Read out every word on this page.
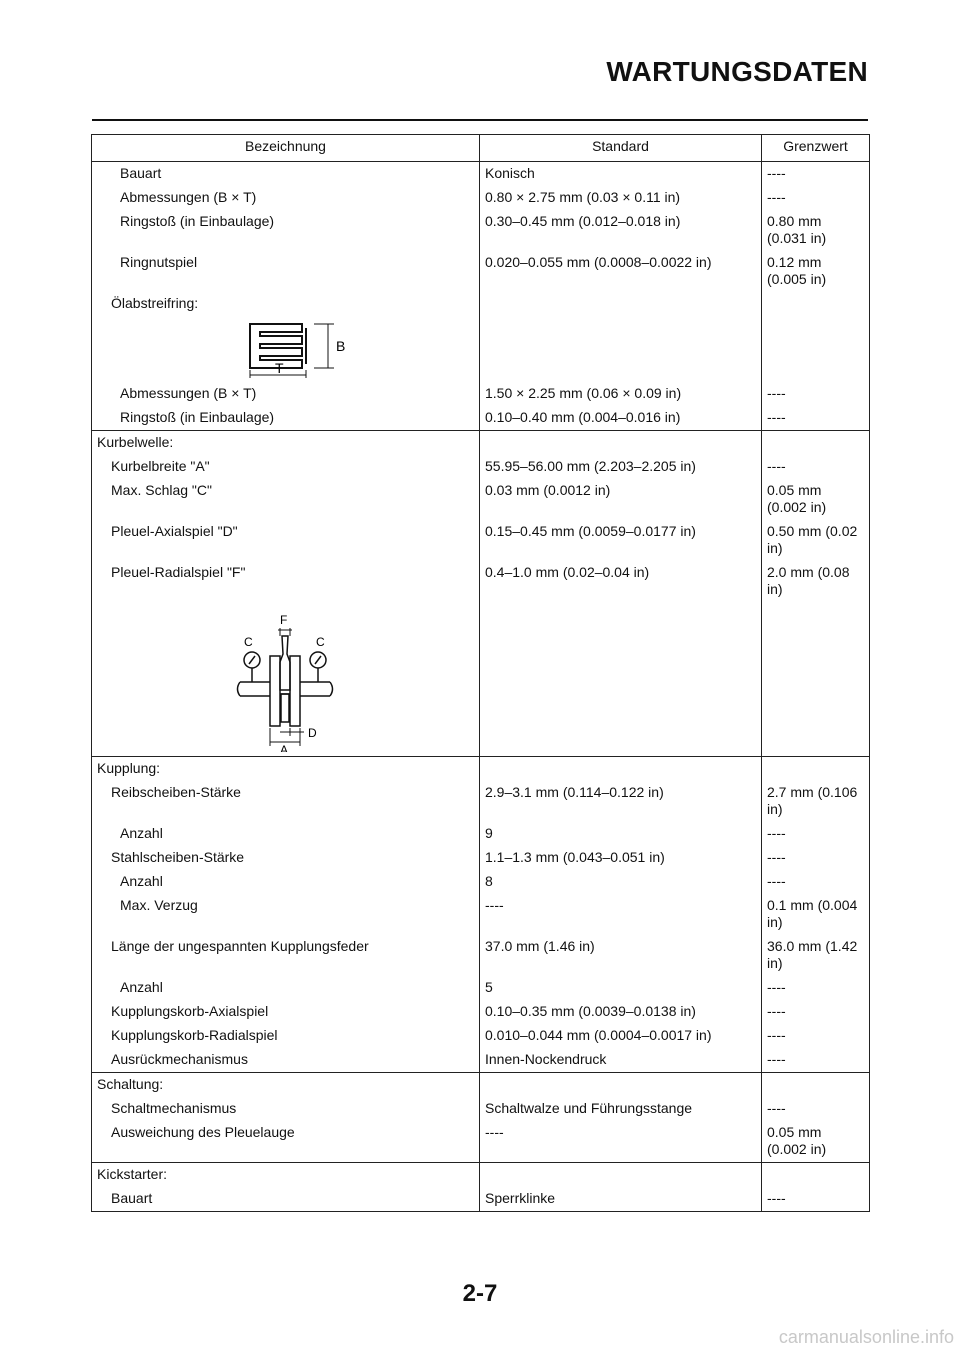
WARTUNGSDATEN
Bezeichnung	Standard	Grenzwert
Bauart	Konisch	----
Abmessungen (B × T)	0.80 × 2.75 mm (0.03 × 0.11 in)	----
Ringstoß (in Einbaulage)	0.30–0.45 mm (0.012–0.018 in)	0.80 mm (0.031 in)
Ringnutspiel	0.020–0.055 mm (0.0008–0.0022 in)	0.12 mm (0.005 in)
Ölabstreifring:		

B
T		

Abmessungen (B × T)	1.50 × 2.25 mm (0.06 × 0.09 in)	----
Ringstoß (in Einbaulage)	0.10–0.40 mm (0.004–0.016 in)	----
Kurbelwelle:		
Kurbelbreite "A"	55.95–56.00 mm (2.203–2.205 in)	----
Max. Schlag "C"	0.03 mm (0.0012 in)	0.05 mm (0.002 in)
Pleuel-Axialspiel "D"	0.15–0.45 mm (0.0059–0.0177 in)	0.50 mm (0.02 in)
Pleuel-Radialspiel "F"	0.4–1.0 mm (0.02–0.04 in)	2.0 mm (0.08 in)

F
C C
A
D		

Kupplung:		
Reibscheiben-Stärke	2.9–3.1 mm (0.114–0.122 in)	2.7 mm (0.106 in)
Anzahl	9	----
Stahlscheiben-Stärke	1.1–1.3 mm (0.043–0.051 in)	----
Anzahl	8	----
Max. Verzug	----	0.1 mm (0.004 in)
Länge der ungespannten Kupplungsfeder	37.0 mm (1.46 in)	36.0 mm (1.42 in)
Anzahl	5	----
Kupplungskorb-Axialspiel	0.10–0.35 mm (0.0039–0.0138 in)	----
Kupplungskorb-Radialspiel	0.010–0.044 mm (0.0004–0.0017 in)	----
Ausrückmechanismus	Innen-Nockendruck	----
Schaltung:		
Schaltmechanismus	Schaltwalze und Führungsstange	----
Ausweichung des Pleuelauge	----	0.05 mm (0.002 in)
Kickstarter:		
Bauart	Sperrklinke	----
2-7
carmanualsonline.info
